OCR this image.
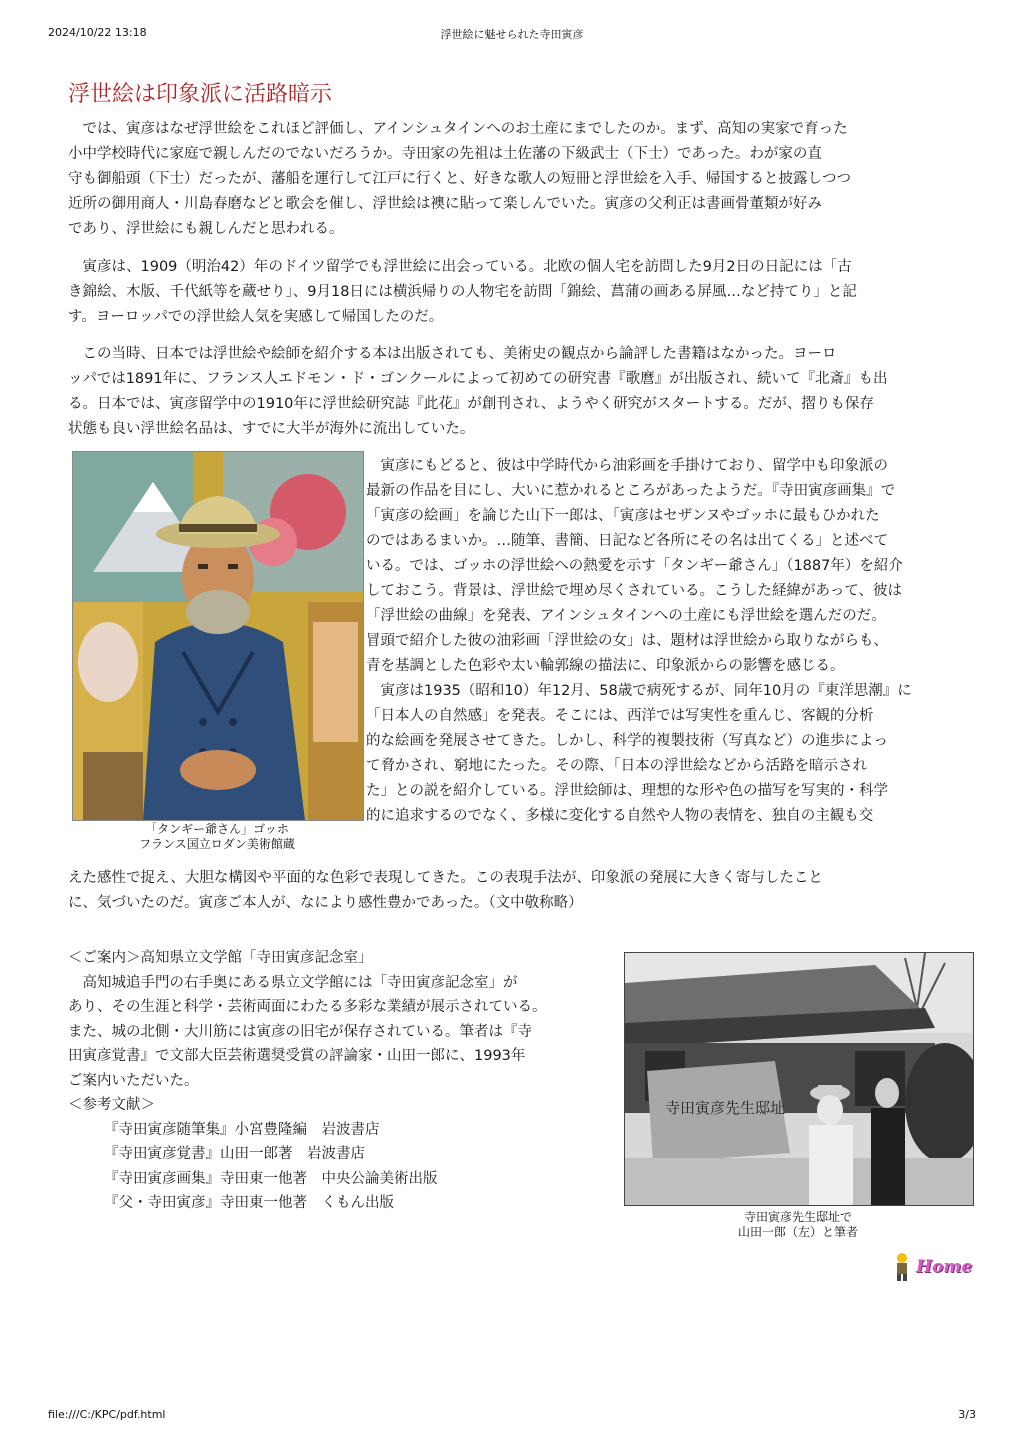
2024/10/22 13:18	浮世絵に魅せられた寺田寅彦
浮世絵は印象派に活路暗示
　では、寅彦はなぜ浮世絵をこれほど評価し、アインシュタインへのお土産にまでしたのか。まず、高知の実家で育った
小中学校時代に家庭で親しんだのでないだろうか。寺田家の先祖は土佐藩の下級武士（下士）であった。わが家の直
守も御船頭（下士）だったが、藩船を運行して江戸に行くと、好きな歌人の短冊と浮世絵を入手、帰国すると披露しつつ
近所の御用商人・川島春磨などと歌会を催し、浮世絵は襖に貼って楽しんでいた。寅彦の父利正は書画骨董類が好み
であり、浮世絵にも親しんだと思われる。
　寅彦は、1909（明治42）年のドイツ留学でも浮世絵に出会っている。北欧の個人宅を訪問した9月2日の日記には「古
き錦絵、木版、千代紙等を蔵せり」、9月18日には横浜帰りの人物宅を訪問「錦絵、菖蒲の画ある屏風…など持てり」と記
す。ヨーロッパでの浮世絵人気を実感して帰国したのだ。
　この当時、日本では浮世絵や絵師を紹介する本は出版されても、美術史の観点から論評した書籍はなかった。ヨーロ
ッパでは1891年に、フランス人エドモン・ド・ゴンクールによって初めての研究書『歌麿』が出版され、続いて『北斎』も出
る。日本では、寅彦留学中の1910年に浮世絵研究誌『此花』が創刊され、ようやく研究がスタートする。だが、摺りも保存
状態も良い浮世絵名品は、すでに大半が海外に流出していた。
「タンギー爺さん」ゴッホ
フランス国立ロダン美術館蔵
　寅彦にもどると、彼は中学時代から油彩画を手掛けており、留学中も印象派の
最新の作品を目にし、大いに惹かれるところがあったようだ。『寺田寅彦画集』で
「寅彦の絵画」を論じた山下一郎は、「寅彦はセザンヌやゴッホに最もひかれた
のではあるまいか。…随筆、書簡、日記など各所にその名は出てくる」と述べて
いる。では、ゴッホの浮世絵への熱愛を示す「タンギー爺さん」（1887年）を紹介
しておこう。背景は、浮世絵で埋め尽くされている。こうした経緯があって、彼は
「浮世絵の曲線」を発表、アインシュタインへの土産にも浮世絵を選んだのだ。
冒頭で紹介した彼の油彩画「浮世絵の女」は、題材は浮世絵から取りながらも、
青を基調とした色彩や太い輪郭線の描法に、印象派からの影響を感じる。
　寅彦は1935（昭和10）年12月、58歳で病死するが、同年10月の『東洋思潮』に
「日本人の自然感」を発表。そこには、西洋では写実性を重んじ、客観的分析
的な絵画を発展させてきた。しかし、科学的複製技術（写真など）の進歩によっ
て脅かされ、窮地にたった。その際、「日本の浮世絵などから活路を暗示され
た」との説を紹介している。浮世絵師は、理想的な形や色の描写を写実的・科学
的に追求するのでなく、多様に変化する自然や人物の表情を、独自の主観も交
えた感性で捉え、大胆な構図や平面的な色彩で表現してきた。この表現手法が、印象派の発展に大きく寄与したこと
に、気づいたのだ。寅彦ご本人が、なにより感性豊かであった。（文中敬称略）
＜ご案内＞高知県立文学館「寺田寅彦記念室」
　高知城追手門の右手奥にある県立文学館には「寺田寅彦記念室」が
あり、その生涯と科学・芸術両面にわたる多彩な業績が展示されている。
また、城の北側・大川筋には寅彦の旧宅が保存されている。筆者は『寺
田寅彦覚書』で文部大臣芸術選奨受賞の評論家・山田一郎に、1993年
ご案内いただいた。
＜参考文献＞
『寺田寅彦随筆集』小宮豊隆編　岩波書店
『寺田寅彦覚書』山田一郎著　岩波書店
『寺田寅彦画集』寺田東一他著　中央公論美術出版
『父・寺田寅彦』寺田東一他著　くもん出版
寺田寅彦先生邸址
寺田寅彦先生邸址で
山田一郎（左）と筆者
Home
file:///C:/KPC/pdf.html	3/3
